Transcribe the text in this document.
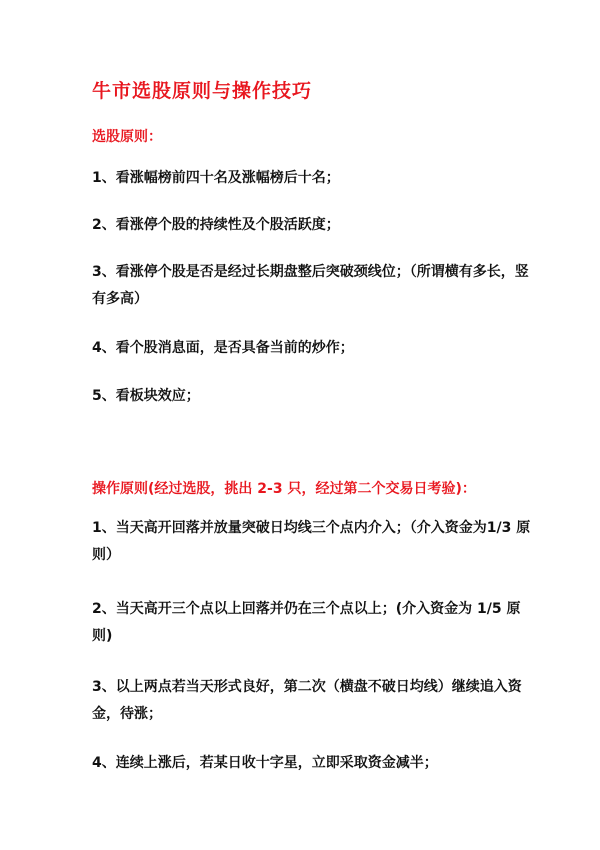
牛市选股原则与操作技巧
选股原则：
1、看涨幅榜前四十名及涨幅榜后十名；
2、看涨停个股的持续性及个股活跃度；
3、看涨停个股是否是经过长期盘整后突破颈线位；（所谓横有多长，竖有多高）
4、看个股消息面，是否具备当前的炒作；
5、看板块效应；
操作原则(经过选股，挑出 2-3 只，经过第二个交易日考验)：
1、当天高开回落并放量突破日均线三个点内介入；（介入资金为1/3 原则）
2、当天高开三个点以上回落并仍在三个点以上；(介入资金为 1/5 原则)
3、以上两点若当天形式良好，第二次（横盘不破日均线）继续追入资金，待涨；
4、连续上涨后，若某日收十字星，立即采取资金减半；
